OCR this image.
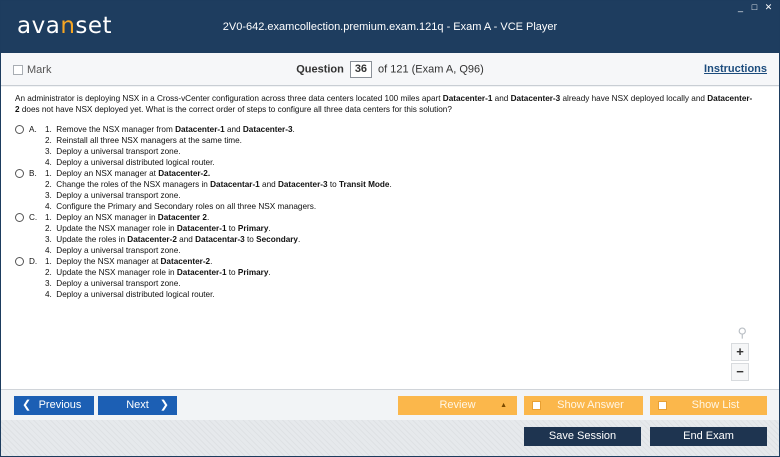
avanset	2V0-642.examcollection.premium.exam.121q - Exam A - VCE Player
_ □ ✕
Mark	Question 36 of 121 (Exam A, Q96)	Instructions
An administrator is deploying NSX in a Cross-vCenter configuration across three data centers located 100 miles apart Datacenter-1 and Datacenter-3 already have NSX deployed locally and Datacenter-2 does not have NSX deployed yet. What is the correct order of steps to configure all three data centers for this solution?
A.	1. Remove the NSX manager from Datacenter-1 and Datacenter-3.
2. Reinstall all three NSX managers at the same time.
3. Deploy a universal transport zone.
4. Deploy a universal distributed logical router.
B.	1. Deploy an NSX manager at Datacenter-2.
2. Change the roles of the NSX managers in Datacentar-1 and Datacenter-3 to Transit Mode.
3. Deploy a universal transport zone.
4. Configure the Primary and Secondary roles on all three NSX managers.
C. 1. Deploy an NSX manager in Datacenter 2.
2. Update the NSX manager role in Datacenter-1 to Primary.
3. Update the roles in Datacenter-2 and Datacentar-3 to Secondary.
4. Deploy a universal transport zone.
D. 1. Deploy the NSX manager at Datacenter-2.
2. Update the NSX manager role in Datacenter-1 to Primary.
3. Deploy a universal transport zone.
4. Deploy a universal distributed logical router.
⚲
+
−
❮ Previous	Next ❯	Review	▲	Show Answer	Show List
Save Session	End Exam
